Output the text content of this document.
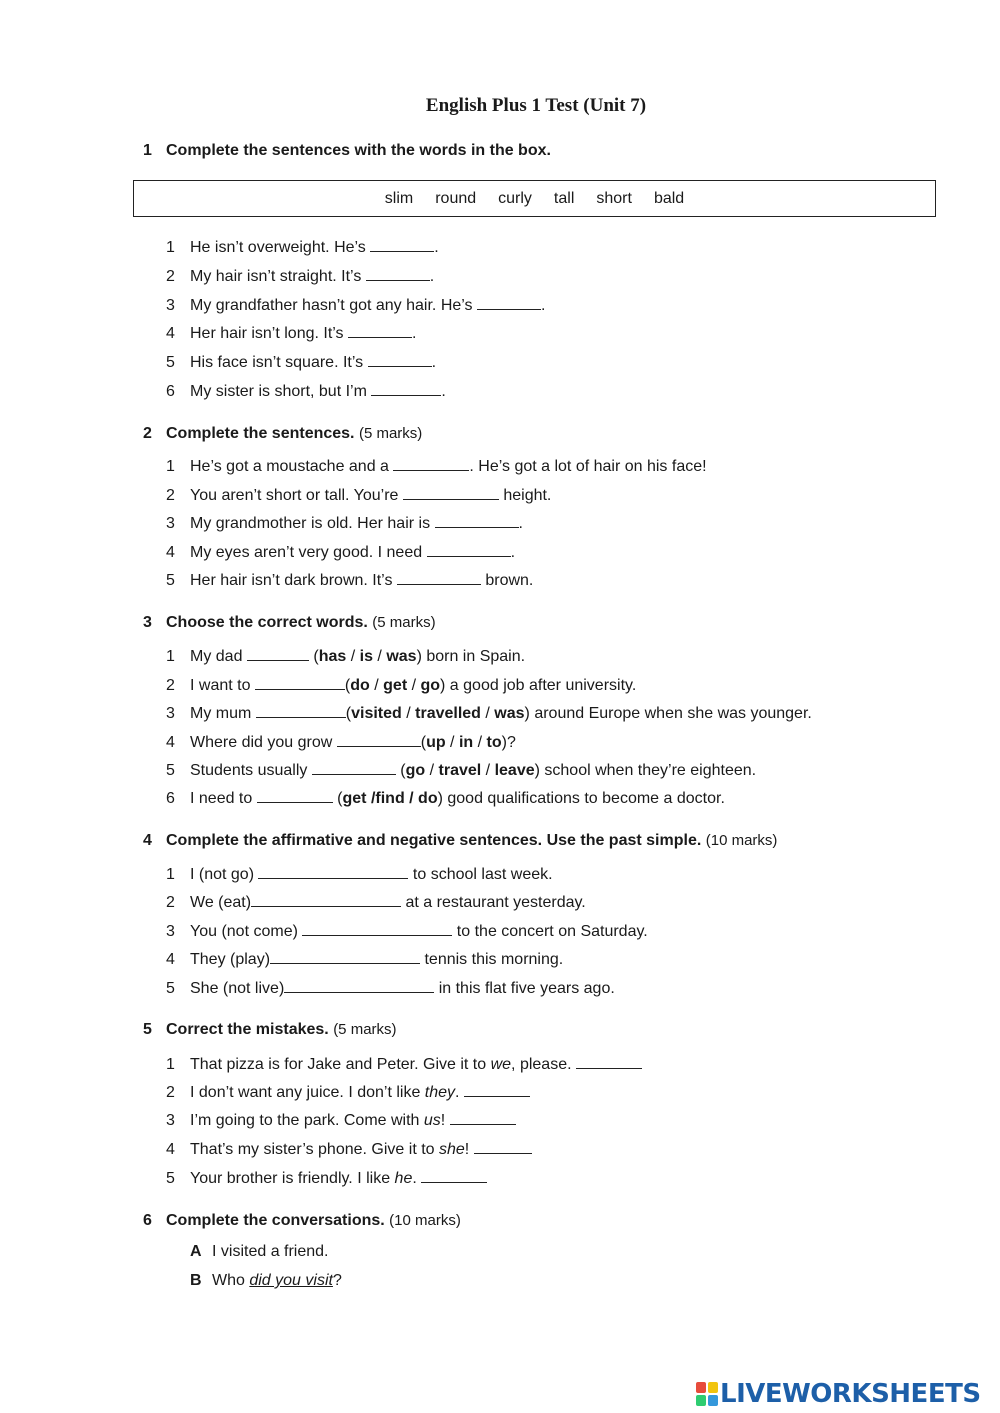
English Plus 1 Test (Unit 7)
1 Complete the sentences with the words in the box.
slim round curly tall short bald
1 He isn’t overweight. He’s	.
2 My hair isn’t straight. It’s	.
3 My grandfather hasn’t got any hair. He’s	.
4 Her hair isn’t long. It’s	.
5 His face isn’t square. It’s	.
6 My sister is short, but I’m	.
2 Complete the sentences. (5 marks)
1 He’s got a moustache and a	. He’s got a lot of hair on his face!
2 You aren’t short or tall. You’re	height.
3 My grandmother is old. Her hair is	.
4 My eyes aren’t very good. I need	.
5 Her hair isn’t dark brown. It’s	brown.
3 Choose the correct words. (5 marks)
1 My dad	(has / is / was) born in Spain.
2 I want to	(do / get / go) a good job after university.
3 My mum	(visited / travelled / was) around Europe when she was younger.
4 Where did you grow	(up / in / to)?
5 Students usually	(go / travel / leave) school when they’re eighteen.
6 I need to	(get /find / do) good qualifications to become a doctor.
4 Complete the affirmative and negative sentences. Use the past simple. (10 marks)
1 I (not go)	to school last week.
2 We (eat)	at a restaurant yesterday.
3 You (not come)	to the concert on Saturday.
4 They (play)	tennis this morning.
5 She (not live)	in this flat five years ago.
5 Correct the mistakes. (5 marks)
1 That pizza is for Jake and Peter. Give it to we, please.
2 I don’t want any juice. I don’t like they.
3 I’m going to the park. Come with us!
4 That’s my sister’s phone. Give it to she!
5 Your brother is friendly. I like he.
6 Complete the conversations. (10 marks)
A I visited a friend.
B Who did you visit?
LIVEWORKSHEETS
